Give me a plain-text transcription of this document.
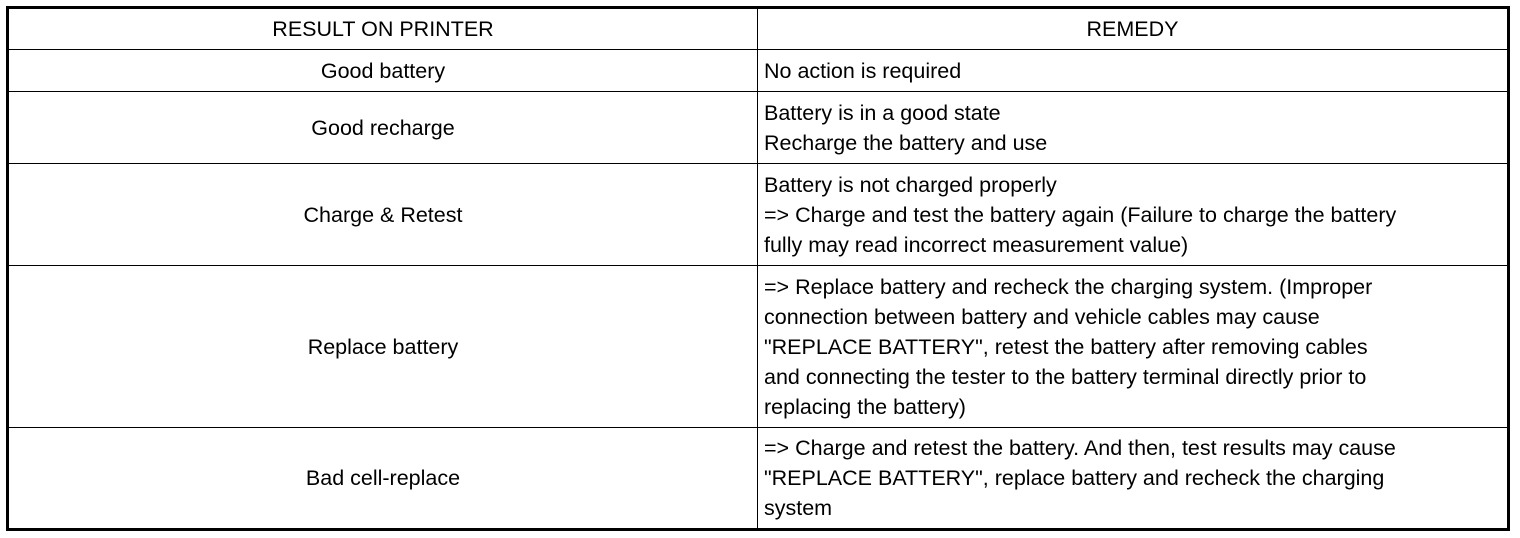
RESULT ON PRINTER	REMEDY
Good battery	No action is required

Good recharge	Battery is in a good state
Recharge the battery and use

Charge & Retest	Battery is not charged properly
=> Charge and test the battery again (Failure to charge the battery
fully may read incorrect measurement value)

Replace battery	=> Replace battery and recheck the charging system. (Improper
connection between battery and vehicle cables may cause
"REPLACE BATTERY", retest the battery after removing cables
and connecting the tester to the battery terminal directly prior to
replacing the battery)

Bad cell-replace	=> Charge and retest the battery. And then, test results may cause
"REPLACE BATTERY", replace battery and recheck the charging
system
